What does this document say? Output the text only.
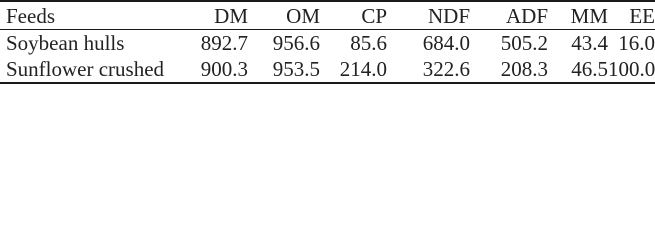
Feeds	DM	OM	CP	NDF	ADF	MM	EE
Soybean hulls	892.7	956.6	85.6	684.0	505.2	43.4	16.0
Sunflower crushed	900.3	953.5	214.0	322.6	208.3	46.5	100.0
